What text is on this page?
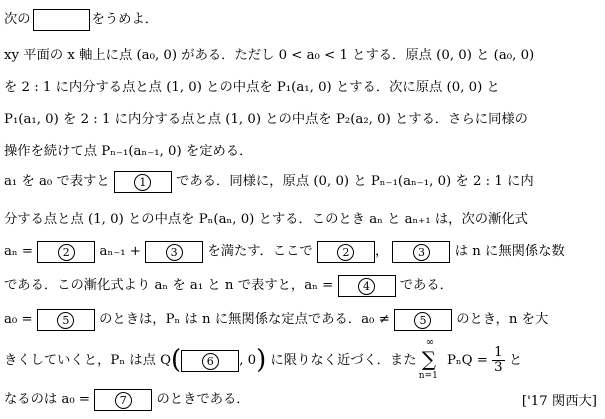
次の	をうめよ．
xy 平面の x 軸上に点 (a₀, 0) がある．ただし 0 < a₀ < 1 とする．原点 (0, 0) と (a₀, 0)
を 2 : 1 に内分する点と点 (1, 0) との中点を P₁(a₁, 0) とする．次に原点 (0, 0) と
P₁(a₁, 0) を 2 : 1 に内分する点と点 (1, 0) との中点を P₂(a₂, 0) とする．さらに同様の
操作を続けて点 Pₙ₋₁(aₙ₋₁, 0) を定める．
a₁ を a₀ で表すと	1 である．同様に，原点 (0, 0) と Pₙ₋₁(aₙ₋₁, 0) を 2 : 1 に内
分する点と点 (1, 0) との中点を Pₙ(aₙ, 0) とする．このとき aₙ と aₙ₊₁ は，次の漸化式
aₙ =	2 aₙ₋₁ +	3 を満たす．ここで	2 ，	3 は n に無関係な数
である．この漸化式より aₙ を a₁ と n で表すと，aₙ =	4 である．
a₀ =	5 のときは，Pₙ は n に無関係な定点である．a₀ ≠	5 のとき，n を大
きくしていくと，Pₙ は点 Q( 6 , 0) に限りなく近づく．また
∞
∑
n=1
$P_nQ = \frac{1}{3}$ と
なるのは a₀ =	7 のときである．	['17 関西大]
